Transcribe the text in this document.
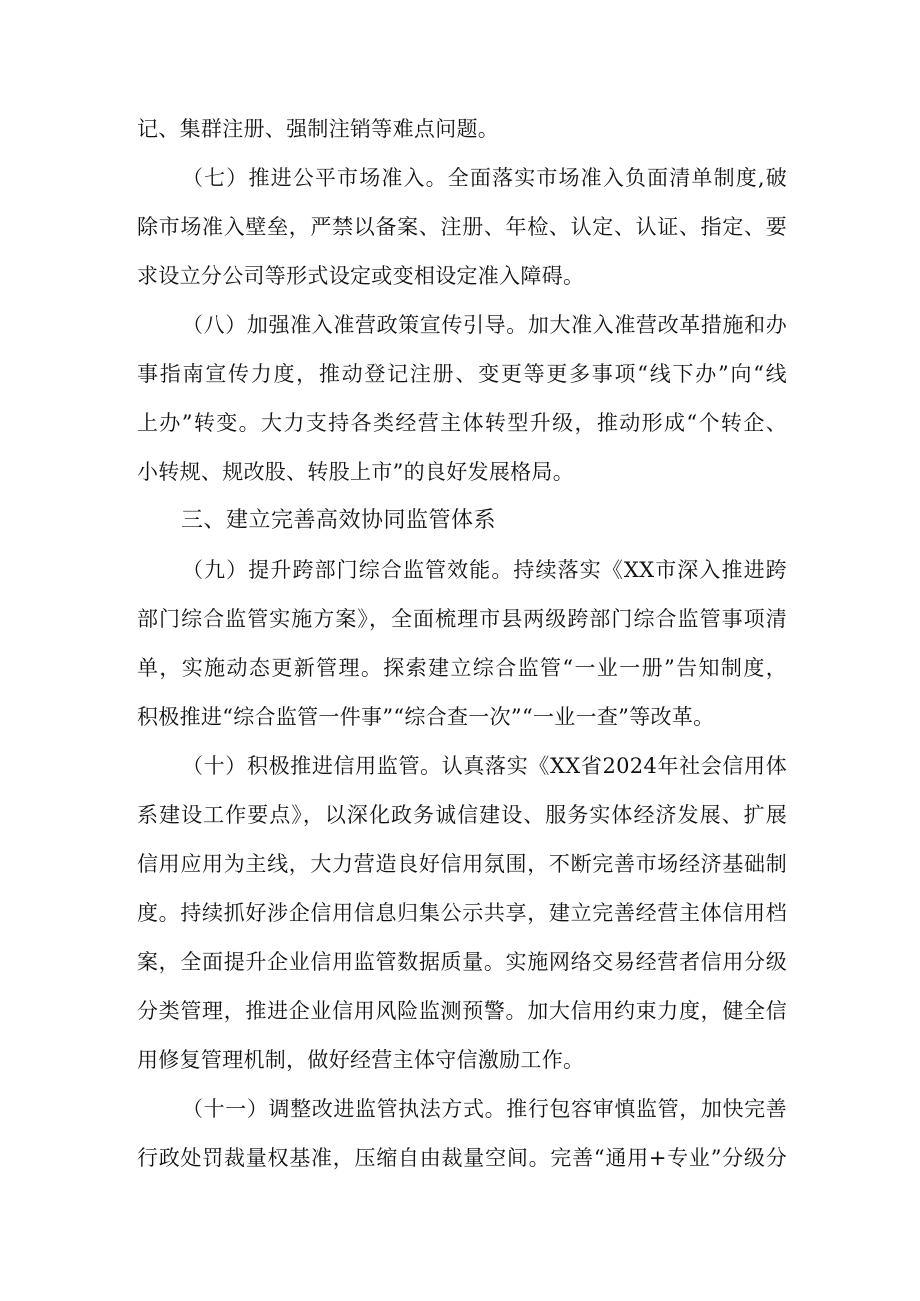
记、集群注册、强制注销等难点问题。

（七）推进公平市场准入。全面落实市场准入负面清单制度,破

除市场准入壁垒，严禁以备案、注册、年检、认定、认证、指定、要

求设立分公司等形式设定或变相设定准入障碍。

（八）加强准入准营政策宣传引导。加大准入准营改革措施和办

事指南宣传力度，推动登记注册、变更等更多事项“线下办”向“线

上办”转变。大力支持各类经营主体转型升级，推动形成“个转企、

小转规、规改股、转股上市”的良好发展格局。

三、建立完善高效协同监管体系

（九）提升跨部门综合监管效能。持续落实《XX市深入推进跨

部门综合监管实施方案》，全面梳理市县两级跨部门综合监管事项清

单，实施动态更新管理。探索建立综合监管“一业一册”告知制度，

积极推进“综合监管一件事”“综合查一次”“一业一查”等改革。

（十）积极推进信用监管。认真落实《XX省2024年社会信用体

系建设工作要点》，以深化政务诚信建设、服务实体经济发展、扩展

信用应用为主线，大力营造良好信用氛围，不断完善市场经济基础制

度。持续抓好涉企信用信息归集公示共享，建立完善经营主体信用档

案，全面提升企业信用监管数据质量。实施网络交易经营者信用分级

分类管理，推进企业信用风险监测预警。加大信用约束力度，健全信

用修复管理机制，做好经营主体守信激励工作。

（十一）调整改进监管执法方式。推行包容审慎监管，加快完善

行政处罚裁量权基准，压缩自由裁量空间。完善“通用+专业”分级分
